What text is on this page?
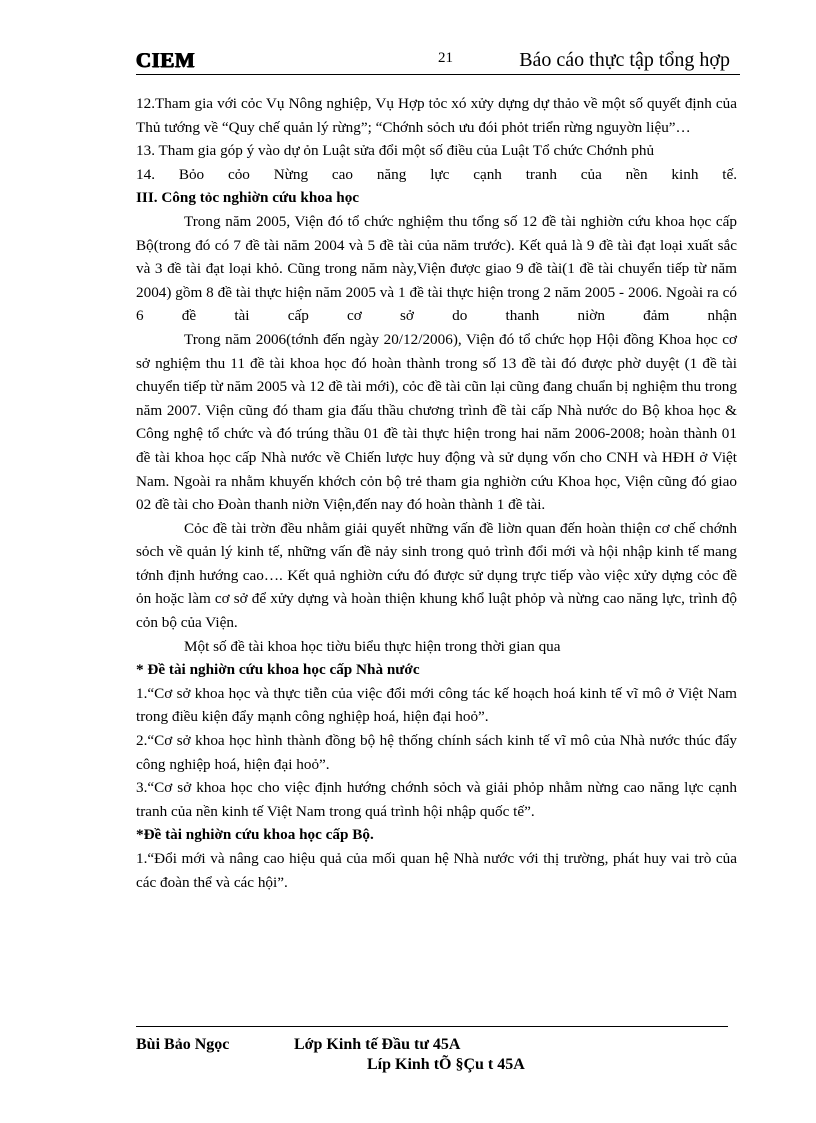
CIEM	21	Báo cáo thực tập tổng hợp

12.Tham gia với cỏc Vụ Nông nghiệp, Vụ Hợp tỏc xó xửy dựng dự thảo về một số quyết định của Thủ tướng về “Quy chế quản lý rừng”; “Chớnh sỏch ưu đói phỏt triển rừng nguyờn liệu”…

13. Tham gia góp ý vào dự ỏn Luật sửa đổi một số điều của Luật Tổ chức Chớnh phủ

14. Bỏo cỏo Nừng cao năng lực cạnh tranh của nền kinh tế.

III. Công tỏc nghiờn cứu khoa học

Trong năm 2005, Viện đó tổ chức nghiệm thu tổng số 12 đề tài nghiờn cứu khoa học cấp Bộ(trong đó có 7 đề tài năm 2004 và 5 đề tài của năm trước). Kết quả là 9 đề tài đạt loại xuất sắc và 3 đề tài đạt loại khỏ. Cũng trong năm này,Viện được giao 9 đề tài(1 đề tài chuyển tiếp từ năm 2004) gồm 8 đề tài thực hiện năm 2005 và 1 đề tài thực hiện trong 2 năm 2005 - 2006. Ngoài ra có 6 đề tài cấp cơ sở do thanh niờn đảm nhận

Trong năm 2006(tớnh đến ngày 20/12/2006), Viện đó tổ chức họp Hội đồng Khoa học cơ sở nghiệm thu 11 đề tài khoa học đó hoàn thành trong số 13 đề tài đó được phờ duyệt (1 đề tài chuyển tiếp từ năm 2005 và 12 đề tài mới), cỏc đề tài cũn lại cũng đang chuẩn bị nghiệm thu trong năm 2007. Viện cũng đó tham gia đấu thầu chương trình đề tài cấp Nhà nước do Bộ khoa học & Công nghệ tổ chức và đó trúng thầu 01 đề tài thực hiện trong hai năm 2006-2008; hoàn thành 01 đề tài khoa học cấp Nhà nước về Chiến lược huy động và sử dụng vốn cho CNH và HĐH ở Việt Nam. Ngoài ra nhằm khuyến khớch cỏn bộ trẻ tham gia nghiờn cứu Khoa học, Viện cũng đó giao 02 đề tài cho Đoàn thanh niờn Viện,đến nay đó hoàn thành 1 đề tài.

Cỏc đề tài trờn đều nhằm giải quyết những vấn đề liờn quan đến hoàn thiện cơ chế chớnh sỏch về quản lý kinh tế, những vấn đề nảy sinh trong quỏ trình đổi mới và hội nhập kinh tế mang tớnh định hướng cao…. Kết quả nghiờn cứu đó được sử dụng trực tiếp vào việc xửy dựng cỏc đề ỏn hoặc làm cơ sở để xửy dựng và hoàn thiện khung khổ luật phỏp và nừng cao năng lực, trình độ cỏn bộ của Viện.

Một số đề tài khoa học tiờu biểu thực hiện trong thời gian qua

* Đề tài nghiờn cứu khoa học cấp Nhà nước

1.“Cơ sở khoa học và thực tiễn của việc đổi mới công tác kế hoạch hoá kinh tế vĩ mô ở Việt Nam trong điều kiện đẩy mạnh công nghiệp hoá, hiện đại hoỏ”.

2.“Cơ sở khoa học hình thành đồng bộ hệ thống chính sách kinh tế vĩ mô của Nhà nước thúc đẩy công nghiệp hoá, hiện đại hoỏ”.

3.“Cơ sở khoa học cho việc định hướng chớnh sỏch và giải phỏp nhằm nừng cao năng lực cạnh tranh của nền kinh tế Việt Nam trong quá trình hội nhập quốc tế”.

*Đề tài nghiờn cứu khoa học cấp Bộ.

1.“Đổi mới và nâng cao hiệu quả của mối quan hệ Nhà nước với thị trường, phát huy vai trò của các đoàn thể và các hội”.

Bùi Bảo Ngọc	Lớp Kinh tế Đầu tư 45A
Líp Kinh tÕ §Çu t 45A
